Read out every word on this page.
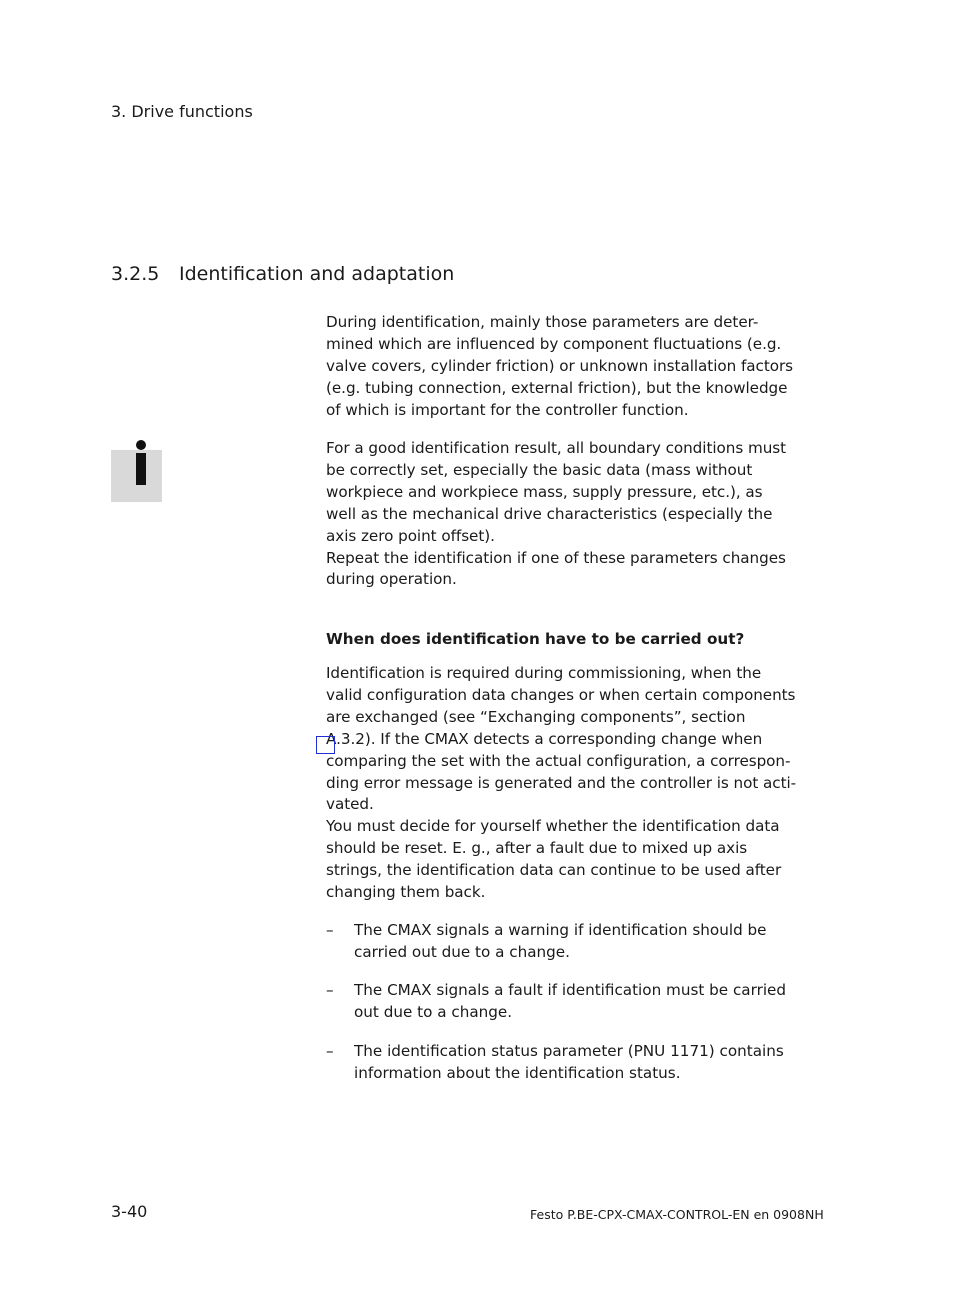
3. Drive functions
3.2.5 Identification and adaptation
During identification, mainly those parameters are deter-
mined which are influenced by component fluctuations (e.g.
valve covers, cylinder friction) or unknown installation factors
(e.g. tubing connection, external friction), but the knowledge
of which is important for the controller function.
For a good identification result, all boundary conditions must
be correctly set, especially the basic data (mass without
workpiece and workpiece mass, supply pressure, etc.), as
well as the mechanical drive characteristics (especially the
axis zero point offset).
Repeat the identification if one of these parameters changes
during operation.
When does identification have to be carried out?
Identification is required during commissioning, when the
valid configuration data changes or when certain components
are exchanged (see “Exchanging components”, section
A.3.2). If the CMAX detects a corresponding change when
comparing the set with the actual configuration, a correspon-
ding error message is generated and the controller is not acti-
vated.
You must decide for yourself whether the identification data
should be reset. E. g., after a fault due to mixed up axis
strings, the identification data can continue to be used after
changing them back.
– The CMAX signals a warning if identification should be
carried out due to a change.
– The CMAX signals a fault if identification must be carried
out due to a change.
– The identification status parameter (PNU 1171) contains
information about the identification status.
3-40	Festo P.BE-CPX-CMAX-CONTROL-EN en 0908NH
